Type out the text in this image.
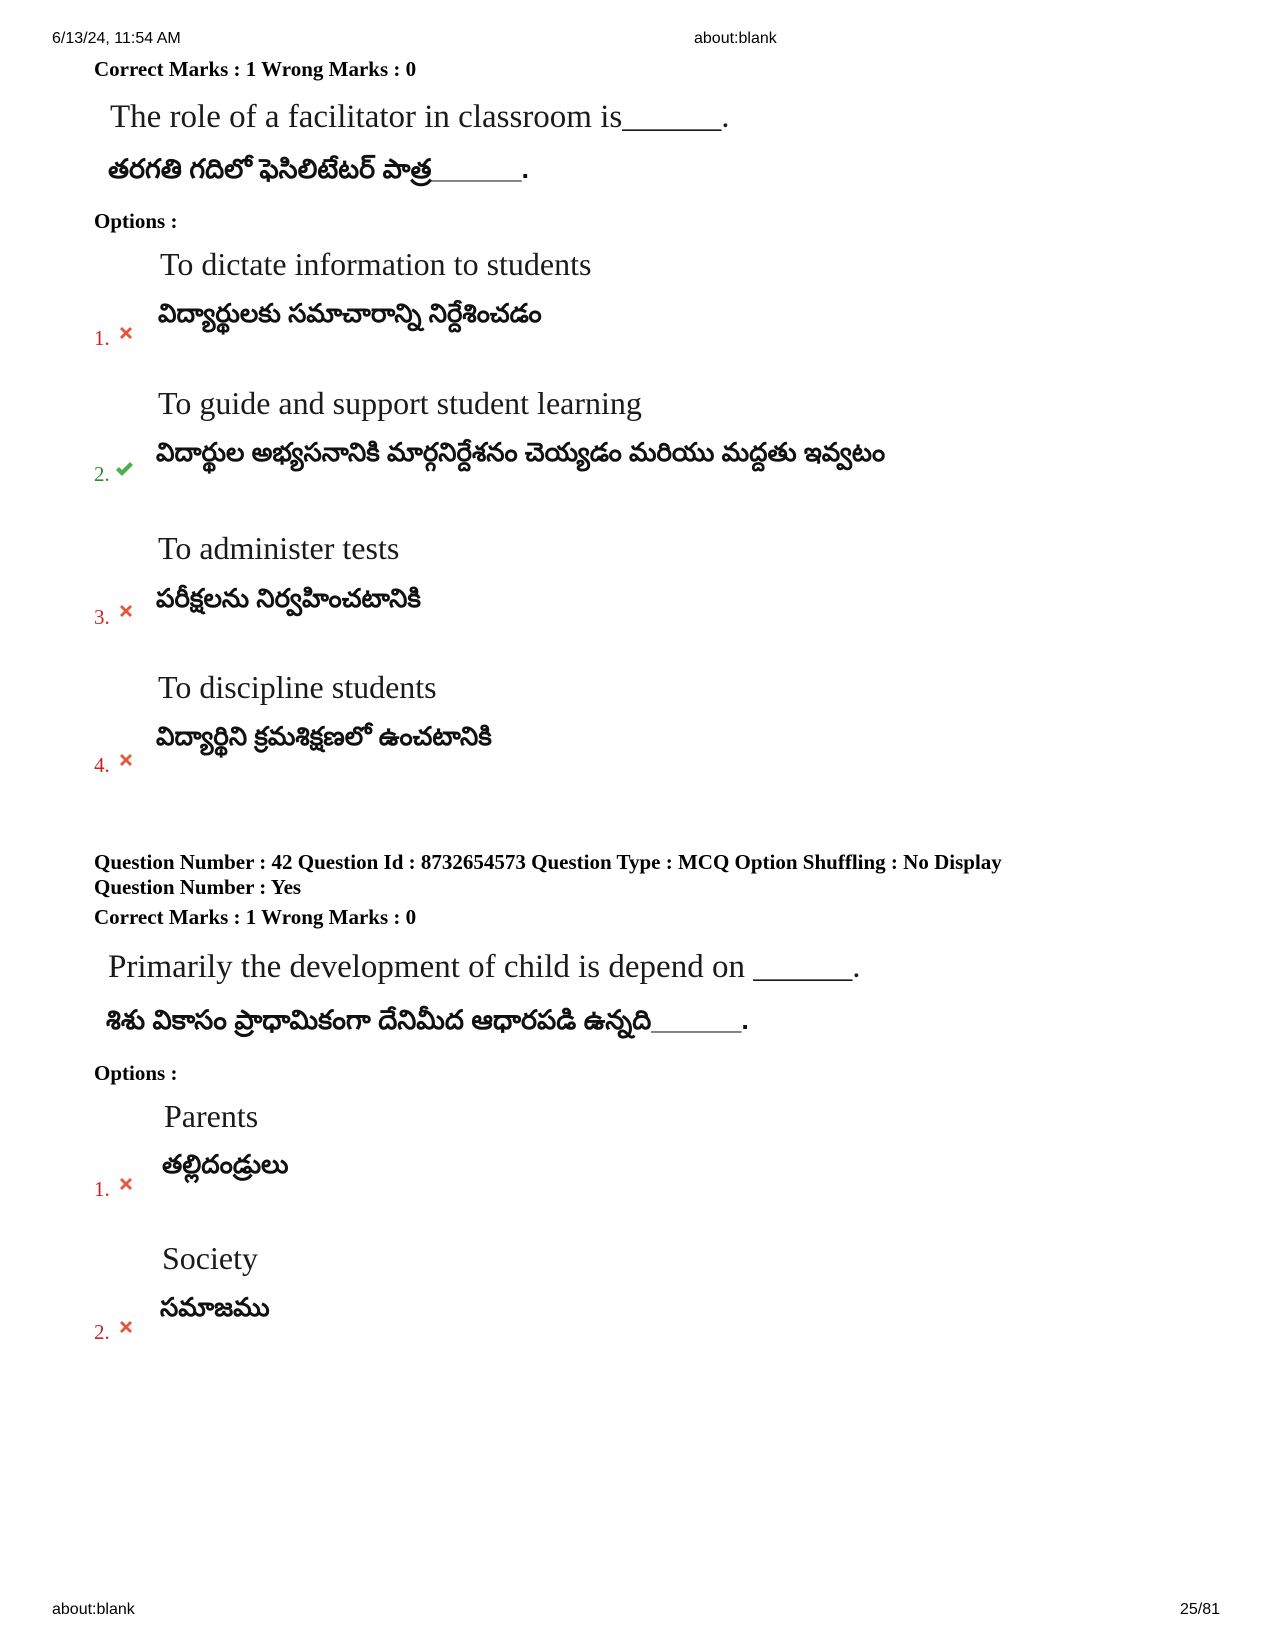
6/13/24, 11:54 AM	about:blank
Correct Marks : 1 Wrong Marks : 0
The role of a facilitator in classroom is______.
తరగతి గదిలో ఫెసిలిటేటర్ పాత్ర______.
Options :
To dictate information to students
విద్యార్థులకు సమాచారాన్ని నిర్దేశించడం
1.
To guide and support student learning
విదార్థుల అభ్యసనానికి మార్గనిర్దేశనం చెయ్యడం మరియు మద్దతు ఇవ్వటం
2.
To administer tests
పరీక్షలను నిర్వహించటానికి
3.
To discipline students
విద్యార్థిని క్రమశిక్షణలో ఉంచటానికి
4.
Question Number : 42 Question Id : 8732654573 Question Type : MCQ Option Shuffling : No Display
Question Number : Yes
Correct Marks : 1 Wrong Marks : 0
Primarily the development of child is depend on ______.
శిశు వికాసం ప్రాధామికంగా దేనిమీద ఆధారపడి ఉన్నది______.
Options :
Parents
తల్లిదండ్రులు
1.
Society
సమాజము
2.
about:blank	25/81
